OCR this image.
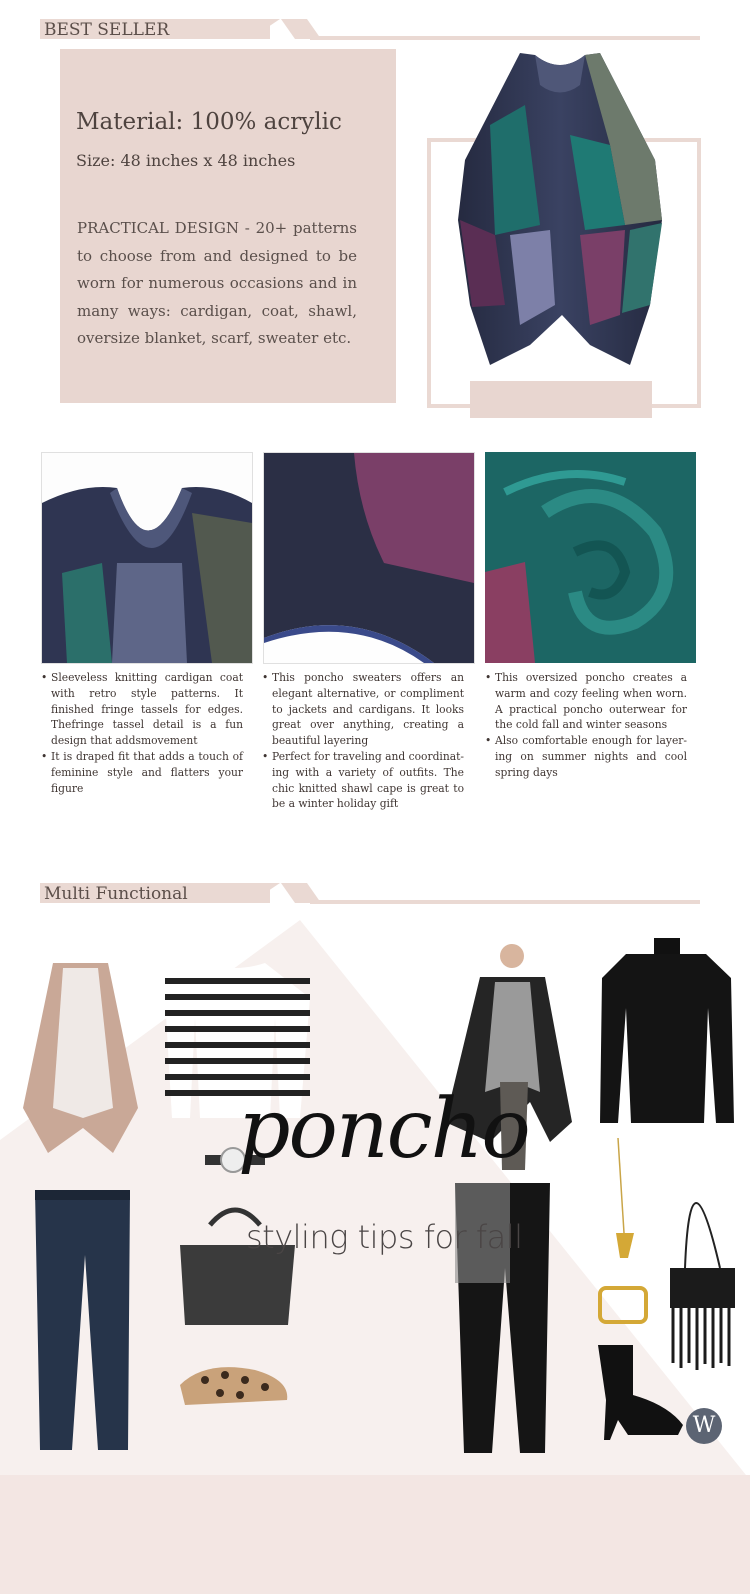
BEST SELLER
Material: 100% acrylic
Size: 48 inches x 48 inches
PRACTICAL DESIGN - 20+ patterns to choose from and designed to be worn for numerous occasions and in many ways: cardigan, coat, shawl, oversize blanket, scarf, sweater etc.
• Sleeveless knitting cardigan coat with retro style patterns. It finished fringe tassels for edges. Thefringe tassel detail is a fun design that addsmovement
• It is draped fit that adds a touch of feminine style and flatters your figure
• This poncho sweaters offers an elegant alternative, or compliment to jackets and cardigans. It looks great over anything, creating a beautiful layering
• Perfect for traveling and coordinat-ing with a variety of outfits. The chic knitted shawl cape is great to be a winter holiday gift
• This oversized poncho creates a warm and cozy feeling when worn. A practical poncho outerwear for the cold fall and winter seasons
• Also comfortable enough for layer-ing on summer nights and cool spring days
Multi Functional
poncho
styling tips for fall
W
